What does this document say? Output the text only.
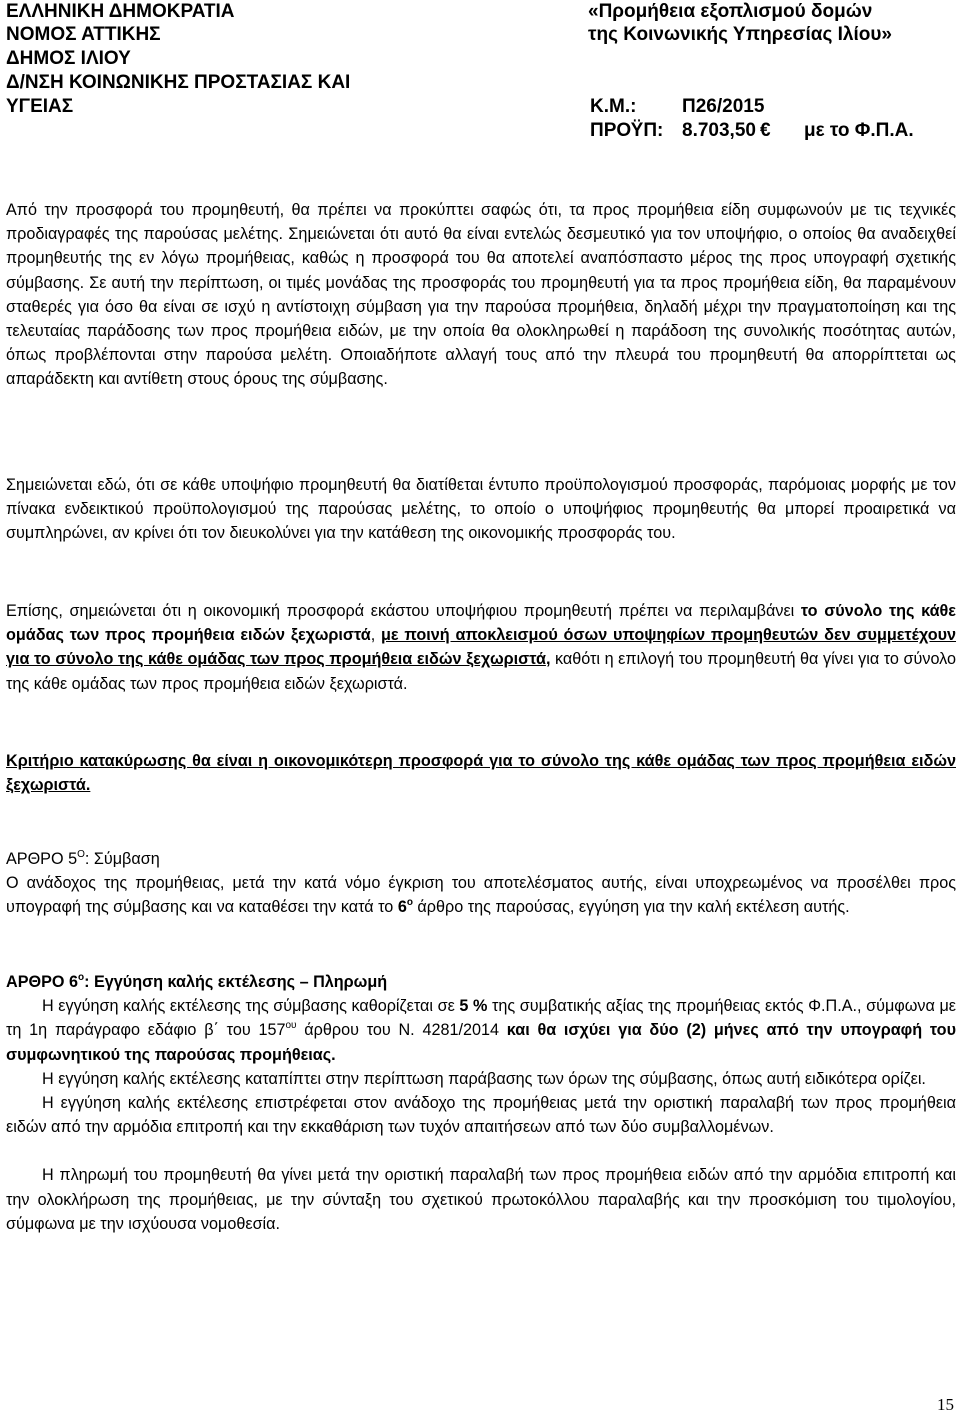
ΕΛΛΗΝΙΚΗ ΔΗΜΟΚΡΑΤΙΑ
ΝΟΜΟΣ ΑΤΤΙΚΗΣ
ΔΗΜΟΣ ΙΛΙΟΥ
Δ/ΝΣΗ ΚΟΙΝΩΝΙΚΗΣ ΠΡΟΣΤΑΣΙΑΣ ΚΑΙ
ΥΓΕΙΑΣ
«Προμήθεια εξοπλισμού δομών
της Κοινωνικής Υπηρεσίας Ιλίου»
Κ.Μ.: Π26/2015
ΠΡΟΫΠ: 8.703,50 € με το Φ.Π.Α.

Από την προσφορά του προμηθευτή, θα πρέπει να προκύπτει σαφώς ότι, τα προς προμήθεια είδη συμφωνούν με τις τεχνικές προδιαγραφές της παρούσας μελέτης. Σημειώνεται ότι αυτό θα είναι εντελώς δεσμευτικό για τον υποψήφιο, ο οποίος θα αναδειχθεί προμηθευτής της εν λόγω προμήθειας, καθώς η προσφορά του θα αποτελεί αναπόσπαστο μέρος της προς υπογραφή σχετικής σύμβασης. Σε αυτή την περίπτωση, οι τιμές μονάδας της προσφοράς του προμηθευτή για τα προς προμήθεια είδη, θα παραμένουν σταθερές για όσο θα είναι σε ισχύ η αντίστοιχη σύμβαση για την παρούσα προμήθεια, δηλαδή μέχρι την πραγματοποίηση και της τελευταίας παράδοσης των προς προμήθεια ειδών, με την οποία θα ολοκληρωθεί η παράδοση της συνολικής ποσότητας αυτών, όπως προβλέπονται στην παρούσα μελέτη. Οποιαδήποτε αλλαγή τους από την πλευρά του προμηθευτή θα απορρίπτεται ως απαράδεκτη και αντίθετη στους όρους της σύμβασης.

Σημειώνεται εδώ, ότι σε κάθε υποψήφιο προμηθευτή θα διατίθεται έντυπο προϋπολογισμού προσφοράς, παρόμοιας μορφής με τον πίνακα ενδεικτικού προϋπολογισμού της παρούσας μελέτης, το οποίο ο υποψήφιος προμηθευτής θα μπορεί προαιρετικά να συμπληρώνει, αν κρίνει ότι τον διευκολύνει για την κατάθεση της οικονομικής προσφοράς του.

Επίσης, σημειώνεται ότι η οικονομική προσφορά εκάστου υποψήφιου προμηθευτή πρέπει να περιλαμβάνει το σύνολο της κάθε ομάδας των προς προμήθεια ειδών ξεχωριστά, με ποινή αποκλεισμού όσων υποψηφίων προμηθευτών δεν συμμετέχουν για το σύνολο της κάθε ομάδας των προς προμήθεια ειδών ξεχωριστά, καθότι η επιλογή του προμηθευτή θα γίνει για το σύνολο της κάθε ομάδας των προς προμήθεια ειδών ξεχωριστά.

Κριτήριο κατακύρωσης θα είναι η οικονομικότερη προσφορά για το σύνολο της κάθε ομάδας των προς προμήθεια ειδών ξεχωριστά.

ΑΡΘΡΟ $5^O$: Σύμβαση

Ο ανάδοχος της προμήθειας, μετά την κατά νόμο έγκριση του αποτελέσματος αυτής, είναι υποχρεωμένος να προσέλθει προς υπογραφή της σύμβασης και να καταθέσει την κατά το $6^o$ άρθρο της παρούσας, εγγύηση για την καλή εκτέλεση αυτής.

ΑΡΘΡΟ $6^o$: Εγγύηση καλής εκτέλεσης – Πληρωμή

Η εγγύηση καλής εκτέλεσης της σύμβασης καθορίζεται σε 5 % της συμβατικής αξίας της προμήθειας εκτός Φ.Π.Α., σύμφωνα με τη 1η παράγραφο εδάφιο β΄ του $157^{o\upsilon}$ άρθρου του Ν. 4281/2014 και θα ισχύει για δύο (2) μήνες από την υπογραφή του συμφωνητικού της παρούσας προμήθειας.

Η εγγύηση καλής εκτέλεσης καταπίπτει στην περίπτωση παράβασης των όρων της σύμβασης, όπως αυτή ειδικότερα ορίζει.

Η εγγύηση καλής εκτέλεσης επιστρέφεται στον ανάδοχο της προμήθειας μετά την οριστική παραλαβή των προς προμήθεια ειδών από την αρμόδια επιτροπή και την εκκαθάριση των τυχόν απαιτήσεων από των δύο συμβαλλομένων.

Η πληρωμή του προμηθευτή θα γίνει μετά την οριστική παραλαβή των προς προμήθεια ειδών από την αρμόδια επιτροπή και την ολοκλήρωση της προμήθειας, με την σύνταξη του σχετικού πρωτοκόλλου παραλαβής και την προσκόμιση του τιμολογίου, σύμφωνα με την ισχύουσα νομοθεσία.

15
